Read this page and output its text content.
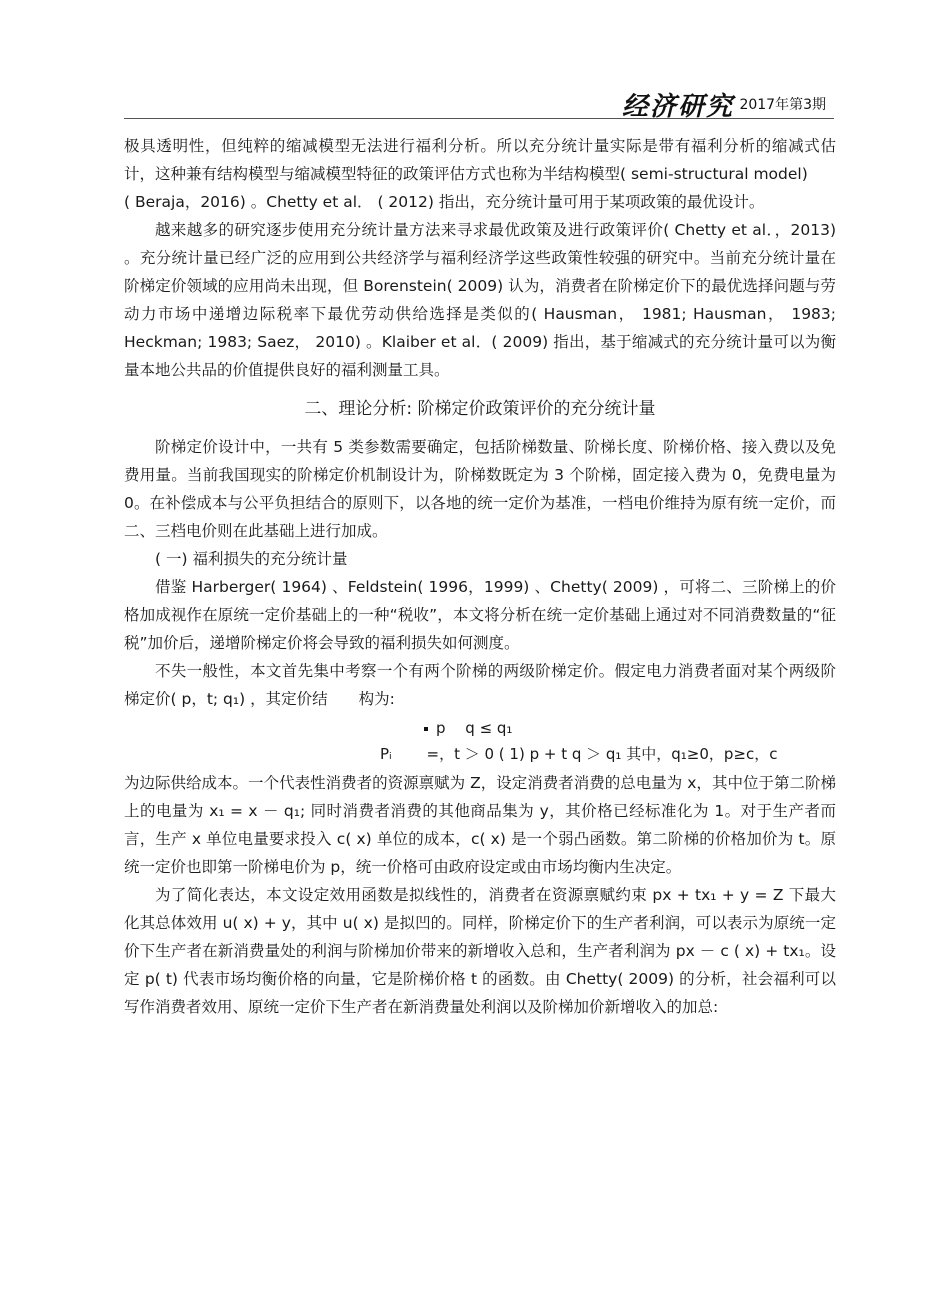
经济研究 2017年第3期

极具透明性，但纯粹的缩减模型无法进行福利分析。所以充分统计量实际是带有福利分析的缩减式估计，这种兼有结构模型与缩减模型特征的政策评估方式也称为半结构模型( semi-structural model)

( Beraja，2016) 。Chetty et al． ( 2012) 指出，充分统计量可用于某项政策的最优设计。

越来越多的研究逐步使用充分统计量方法来寻求最优政策及进行政策评价( Chetty et al．，2013) 。充分统计量已经广泛的应用到公共经济学与福利经济学这些政策性较强的研究中。当前充分统计量在阶梯定价领域的应用尚未出现，但 Borenstein( 2009) 认为，消费者在阶梯定价下的最优选择问题与劳动力市场中递增边际税率下最优劳动供给选择是类似的( Hausman， 1981; Hausman， 1983; Heckman; 1983; Saez， 2010) 。Klaiber et al．( 2009) 指出，基于缩减式的充分统计量可以为衡量本地公共品的价值提供良好的福利测量工具。

二、理论分析: 阶梯定价政策评价的充分统计量

阶梯定价设计中，一共有 5 类参数需要确定，包括阶梯数量、阶梯长度、阶梯价格、接入费以及免费用量。当前我国现实的阶梯定价机制设计为，阶梯数既定为 3 个阶梯，固定接入费为 0，免费电量为 0。在补偿成本与公平负担结合的原则下，以各地的统一定价为基准，一档电价维持为原有统一定价，而二、三档电价则在此基础上进行加成。

( 一) 福利损失的充分统计量

借鉴 Harberger( 1964) 、Feldstein( 1996，1999) 、Chetty( 2009) ，可将二、三阶梯上的价格加成视作在原统一定价基础上的一种“税收”，本文将分析在统一定价基础上通过对不同消费数量的“征税”加价后，递增阶梯定价将会导致的福利损失如何测度。

不失一般性，本文首先集中考察一个有两个阶梯的两级阶梯定价。假定电力消费者面对某个两级阶梯定价( p，t; q₁) ，其定价结　　构为:

p　 q ≤ q₁
Pᵢ　　 =，t ＞ 0 ( 1) p + t q ＞ q₁ 其中，q₁≥0，p≥c，c

为边际供给成本。一个代表性消费者的资源禀赋为 Z，设定消费者消费的总电量为 x，其中位于第二阶梯上的电量为 x₁ = x － q₁; 同时消费者消费的其他商品集为 y，其价格已经标准化为 1。对于生产者而言，生产 x 单位电量要求投入 c( x) 单位的成本，c( x) 是一个弱凸函数。第二阶梯的价格加价为 t。原统一定价也即第一阶梯电价为 p，统一价格可由政府设定或由市场均衡内生决定。

为了简化表达，本文设定效用函数是拟线性的，消费者在资源禀赋约束 px + tx₁ + y = Z 下最大化其总体效用 u( x) + y，其中 u( x) 是拟凹的。同样，阶梯定价下的生产者利润，可以表示为原统一定价下生产者在新消费量处的利润与阶梯加价带来的新增收入总和，生产者利润为 px － c ( x) + tx₁。设定 p( t) 代表市场均衡价格的向量，它是阶梯价格 t 的函数。由 Chetty( 2009) 的分析，社会福利可以写作消费者效用、原统一定价下生产者在新消费量处利润以及阶梯加价新增收入的加总:
